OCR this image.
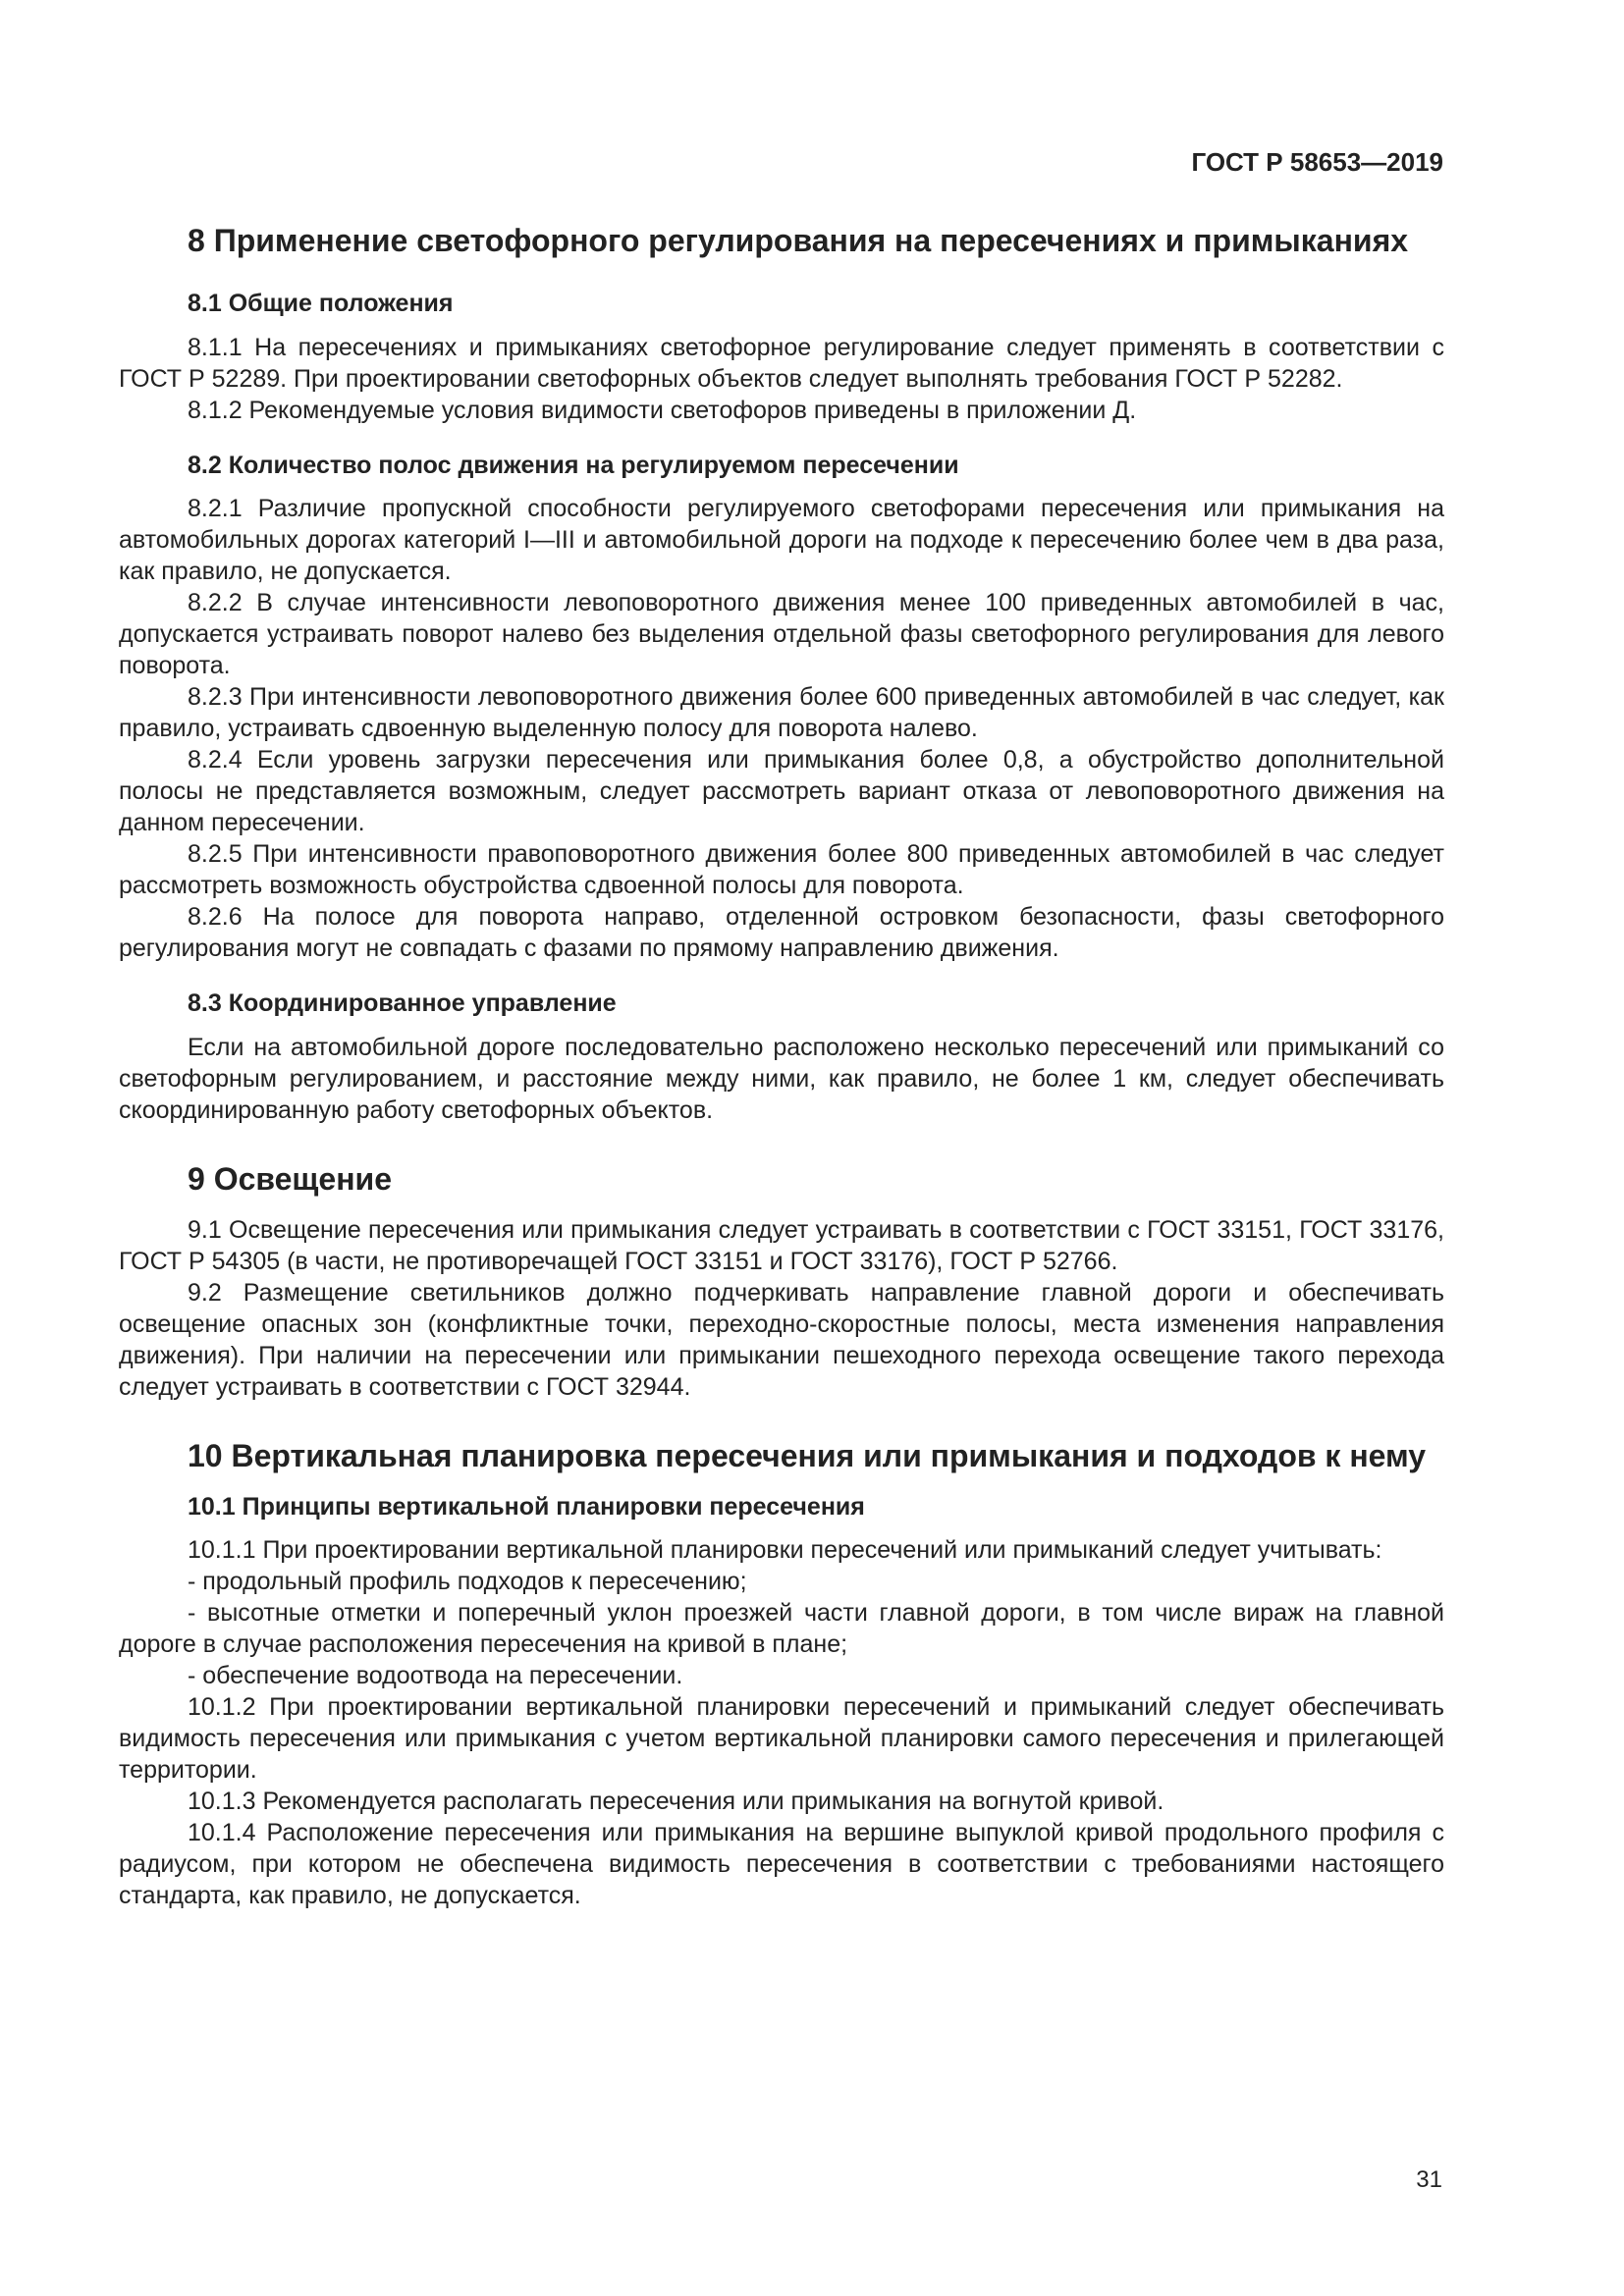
ГОСТ Р 58653—2019

8 Применение светофорного регулирования на пересечениях и примыканиях
8.1 Общие положения

8.1.1 На пересечениях и примыканиях светофорное регулирование следует применять в соответствии с ГОСТ Р 52289. При проектировании светофорных объектов следует выполнять требования ГОСТ Р 52282.

8.1.2 Рекомендуемые условия видимости светофоров приведены в приложении Д.

8.2 Количество полос движения на регулируемом пересечении

8.2.1 Различие пропускной способности регулируемого светофорами пересечения или примыкания на автомобильных дорогах категорий I—III и автомобильной дороги на подходе к пересечению более чем в два раза, как правило, не допускается.

8.2.2 В случае интенсивности левоповоротного движения менее 100 приведенных автомобилей в час, допускается устраивать поворот налево без выделения отдельной фазы светофорного регулирования для левого поворота.

8.2.3 При интенсивности левоповоротного движения более 600 приведенных автомобилей в час следует, как правило, устраивать сдвоенную выделенную полосу для поворота налево.

8.2.4 Если уровень загрузки пересечения или примыкания более 0,8, а обустройство дополнительной полосы не представляется возможным, следует рассмотреть вариант отказа от левоповоротного движения на данном пересечении.

8.2.5 При интенсивности правоповоротного движения более 800 приведенных автомобилей в час следует рассмотреть возможность обустройства сдвоенной полосы для поворота.

8.2.6 На полосе для поворота направо, отделенной островком безопасности, фазы светофорного регулирования могут не совпадать с фазами по прямому направлению движения.

8.3 Координированное управление

Если на автомобильной дороге последовательно расположено несколько пересечений или примыканий со светофорным регулированием, и расстояние между ними, как правило, не более 1 км, следует обеспечивать скоординированную работу светофорных объектов.

9 Освещение

9.1 Освещение пересечения или примыкания следует устраивать в соответствии с ГОСТ 33151, ГОСТ 33176, ГОСТ Р 54305 (в части, не противоречащей ГОСТ 33151 и ГОСТ 33176), ГОСТ Р 52766.

9.2 Размещение светильников должно подчеркивать направление главной дороги и обеспечивать освещение опасных зон (конфликтные точки, переходно-скоростные полосы, места изменения направления движения). При наличии на пересечении или примыкании пешеходного перехода освещение такого перехода следует устраивать в соответствии с ГОСТ 32944.

10 Вертикальная планировка пересечения или примыкания и подходов к нему
10.1 Принципы вертикальной планировки пересечения

10.1.1 При проектировании вертикальной планировки пересечений или примыканий следует учитывать:

- продольный профиль подходов к пересечению;

- высотные отметки и поперечный уклон проезжей части главной дороги, в том числе вираж на главной дороге в случае расположения пересечения на кривой в плане;

- обеспечение водоотвода на пересечении.

10.1.2 При проектировании вертикальной планировки пересечений и примыканий следует обеспечивать видимость пересечения или примыкания с учетом вертикальной планировки самого пересечения и прилегающей территории.

10.1.3 Рекомендуется располагать пересечения или примыкания на вогнутой кривой.

10.1.4 Расположение пересечения или примыкания на вершине выпуклой кривой продольного профиля с радиусом, при котором не обеспечена видимость пересечения в соответствии с требованиями настоящего стандарта, как правило, не допускается.

31
